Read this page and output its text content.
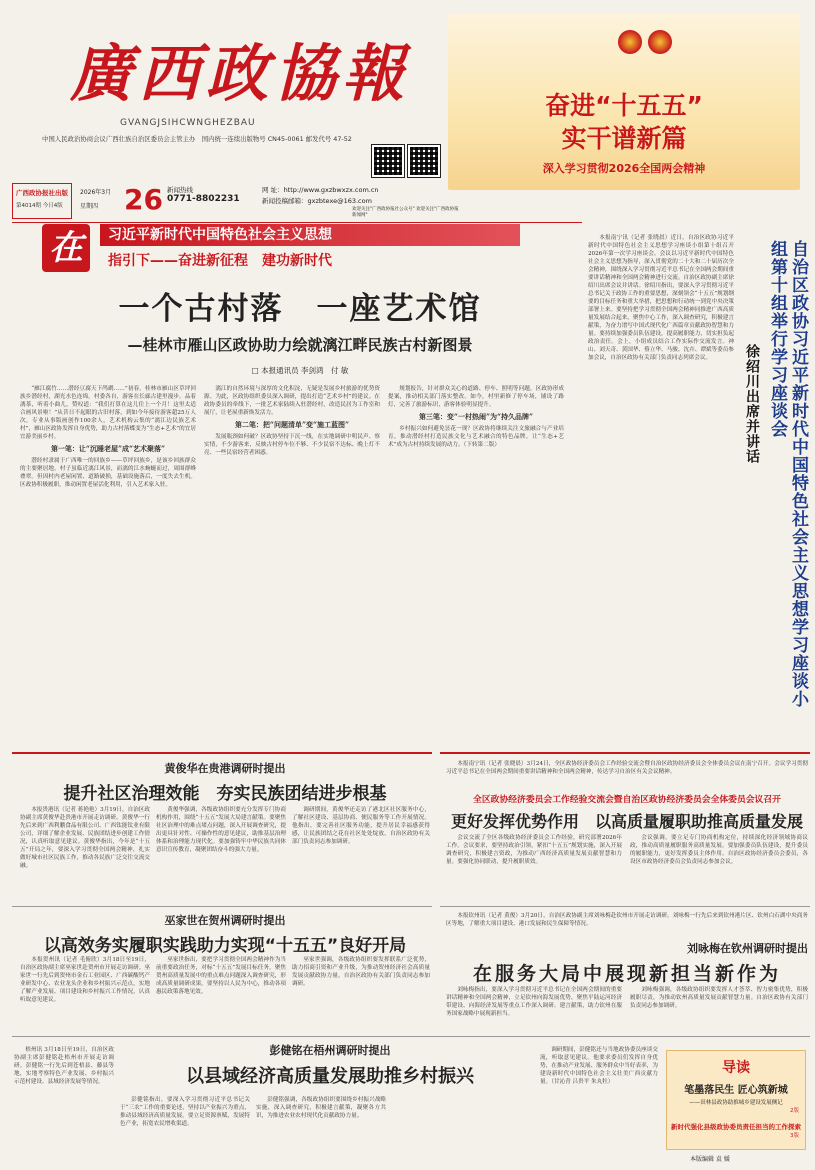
廣西政協報
GVANGJSIHCWNGHEZBAU
中国人民政治协商会议广西壮族自治区委员会主管主办　国内统一连续出版物号 CN45-0061 邮发代号 47-52
奋进“十五五”
实干谱新篇
深入学习贯彻2026全国两会精神
广西政协报社出版
第4014期 今日4版
2026年3月
星期四 26 新闻热线
0771-8802231
网 址：http://www.gxzbwxzx.com.cn
新闻投稿邮箱：gxzbtexe@163.com
欢迎关注"广西政协报社公众号" 欢迎关注"广西政协报新闻网"
在	习近平新时代中国特色社会主义思想
指引下——奋进新征程　建功新时代
一个古村落　一座艺术馆
—桂林市雁山区政协助力绘就漓江畔民族古村新图景
□ 本报通讯员 李剑鸿　付 敏

“雁江腐竹……潜经豆腐天下鸬鹚……”初春，桂林市雁山区草坪回族乡潜经村，湖光水色连绵，村委各自，游客在长廊古建里漫步。品着漓茶，听着小曲儿，赞叹道：“我们打算在这儿住上一个月！这里太适合画风景啦！”从昔日不起眼的古旧村落，到如今年接待游客超25万人次，专业从事版画创作100余人，艺术机构云集的“漓江边民族艺术村”，雁山区政协发挥自身优势，助力古村落蝶变为“生态+艺术”的宜居宜游美丽乡村。

第一笔：让“沉睡老屋”成“艺术聚落”

潜经村隶属于广西唯一的回族乡——草坪回族乡，是该乡回族群众的主要聚居地。村子虽临近漓江风景，而漓的江水蜿蜒而过，周围群峰叠翠。但因村内老屋闲置、道路破损，基础设施落后，一度失去生机。区政协积极履职，推动闲置老屋活化利用，引入艺术家入驻。

漓江的自然环境与深厚的文化积淀，无疑是发展乡村旅游的优势资源。为此，区政协组织委员深入调研，提出打造“艺术乡村”的建议。在政协委员的牵线下，一批艺术家陆续入驻潜经村，改造民居为工作室和展厅，让老屋重新焕发活力。

第二笔：把“问题清单”变“施工蓝图”

发展瓶颈如何破？区政协坚持下沉一线，在实地调研中明民声、察实情，不少游客来，反映古村停车位不够、不少民宿不达标、晚上灯不亮、一些民宿经营者困惑。

规划报告，针对群众关心的道路、停车、照明等问题，区政协形成提案，推动相关部门落实整改。如今，村里新修了停车场，铺设了路灯，完善了旅游标识，游客体验明显提升。

第三笔：变“一村热闹”为“持久品牌”

乡村振兴如何避免昙花一现？区政协将继续关注文旅融合与产业培育，推动潜经村打造民族文化与艺术融合的特色品牌，让“生态+艺术”成为古村持续发展的动力。（下转第二版）

本报南宁讯（记者 张晓晨）近日，自治区政协习近平新时代中国特色社会主义思想学习座谈小组第十组召开2026年第一次学习座谈会。会议以习近平新时代中国特色社会主义思想为指导，深入贯彻党的二十大和二十届历次全会精神，围绕深入学习贯彻习近平总书记在全国两会期间重要讲话精神和全国两会精神进行交流。自治区政协副主席徐绍川出席会议并讲话。徐绍川指出，要深入学习贯彻习近平总书记关于政协工作的重要思想，深刻领会“十五五”规划纲要的目标任务和重大举措，把思想和行动统一到党中央决策部署上来。要坚持把学习贯彻全国两会精神同推进广西高质量发展结合起来，聚焦中心工作，深入调查研究，积极建言献策，为奋力谱写中国式现代化广西篇章贡献政协智慧和力量。要持续加强委员队伍建设，提高履职能力，切实担负起政治责任。会上，小组成员结合工作实际作交流发言。神山、刘天奇、黄国华、蔡立华、马骏、沈卉、谭斌等委员参加会议，自治区政协有关部门负责同志列席会议。	徐绍川出席并讲话	自治区政协习近平新时代中国特色社会主义思想学习座谈小组第十组举行学习座谈会
黄俊华在贵港调研时提出
提升社区治理效能　夯实民族团结进步根基

本报贵港讯（记者 蒋艳艳）3月19日，自治区政协副主席黄俊华赴贵港市开展走访调研。黄俊华一行先后来到广西利鹏食品有限公司、广西钛能钛业有限公司，详细了解企业发展、民族团结进步创建工作情况，认真听取意见建议。黄俊华指出，今年是“十五五”开局之年，要深入学习贯彻全国两会精神，扎实做好城市社区民族工作，推动各民族广泛交往交流交融。

黄俊华强调，各级政协组织要充分发挥专门协商机构作用，围绕“十五五”发展大局建言献策。要聚焦社区治理中的难点堵点问题，深入开展调查研究，提出更具针对性、可操作性的意见建议，助推基层治理体系和治理能力现代化。要加强铸牢中华民族共同体意识宣传教育，凝聚团结奋斗的强大力量。

调研期间，黄俊华还走访了港北区社区服务中心，了解社区建设、基层协商、便民服务等工作开展情况。他指出，要完善社区服务功能，提升居民幸福感获得感，让民族团结之花在社区处处绽放。自治区政协有关部门负责同志参加调研。

巫家世在贺州调研时提出
以高效务实履职实践助力实现“十五五”良好开局

本报贺州讯（记者 毛俯欣）3月18日至19日，自治区政协副主席巫家世赴贺州市开展走访调研。巫家世一行先后到贺州市金石工业园区、广西碳酸钙产业研发中心、农业龙头企业和乡村振兴示范点，实地了解产业发展、项目建设和乡村振兴工作情况，认真听取意见建议。

巫家世指出，要把学习贯彻全国两会精神作为当前重要政治任务，对标“十五五”发展目标任务，聚焦贺州高质量发展中的重点难点问题深入调查研究，形成高质量调研成果。要坚持以人民为中心，推动各项惠民政策落地见效。

巫家世强调，各级政协组织要发挥联系广泛优势，助力招商引资和产业升级，为推动贺州经济社会高质量发展贡献政协力量。自治区政协有关部门负责同志参加调研。

本报南宁讯（记者 张晓晨）3月24日，全区政协经济委员会工作经验交流会暨自治区政协经济委员会全体委员会议在南宁召开。会议学习贯彻习近平总书记在全国两会期间重要讲话精神和全国两会精神，传达学习自治区有关会议精神。

全区政协经济委员会工作经验交流会暨自治区政协经济委员会全体委员会议召开
更好发挥优势作用　以高质量履职助推高质量发展

会议交流了全区各级政协经济委员会工作经验，研究部署2026年工作。会议要求，要坚持政治引领，紧扣“十五五”规划实施，深入开展调查研究，积极建言资政，为推动广西经济高质量发展贡献智慧和力量。要强化协同联动，提升履职质效。

会议强调，要立足专门协商机构定位，持续深化经济领域协商议政，推动高质量履职服务高质量发展。要加强委员队伍建设，提升委员的履职能力，更好发挥委员主体作用。自治区政协经济委员会委员，各设区市政协经济委员会负责同志参加会议。

本报钦州讯（记者 黄俊）3月20日，自治区政协副主席刘咏梅赴钦州市开展走访调研。刘咏梅一行先后来到钦州港片区、钦州白石湖中央商务区等地，了解重大项目建设、港口发展和民生保障等情况。

刘咏梅在钦州调研时提出
在服务大局中展现新担当新作为

刘咏梅指出，要深入学习贯彻习近平总书记在全国两会期间的重要讲话精神和全国两会精神，立足钦州向海发展优势，聚焦平陆运河经济带建设、向海经济发展等重点工作深入调研、建言献策，助力钦州在服务国家战略中展现新担当。

刘咏梅强调，各级政协组织要发挥人才荟萃、智力密集优势，积极履职尽责，为推动钦州高质量发展贡献智慧力量。自治区政协有关部门负责同志参加调研。

梧州讯 3月18日至19日，自治区政协副主席彭健铭赴梧州市开展走访调研。彭健铭一行先后到苍梧县、藤县等地，实地考察特色产业发展、乡村振兴示范村建设、县域经济发展等情况。

彭健铭在梧州调研时提出
以县域经济高质量发展助推乡村振兴

彭健铭指出，要深入学习贯彻习近平总书记关于“三农”工作的重要论述，坚持以产业振兴为重点，推动县域经济高质量发展。要立足资源禀赋，发展特色产业，拓宽农民增收渠道。

彭健铭强调，各级政协组织要围绕乡村振兴战略实施，深入调查研究，积极建言献策，凝聚各方共识，为推进农业农村现代化贡献政协力量。

调研期间，彭健铭还与当地政协委员座谈交流，听取意见建议。他要求委员们发挥自身优势，在推动产业发展、服务群众中当好表率，为建设新时代中国特色社会主义壮美广西贡献力量。（甘沁青 吕贵平 朱丸牡）

导读
笔墨落民生 匠心筑新城
——田林县政协助推城乡建设发展侧记
2版
新时代强化县级政协委员责任担当的工作探索
3版
本版编辑 袁 媛
